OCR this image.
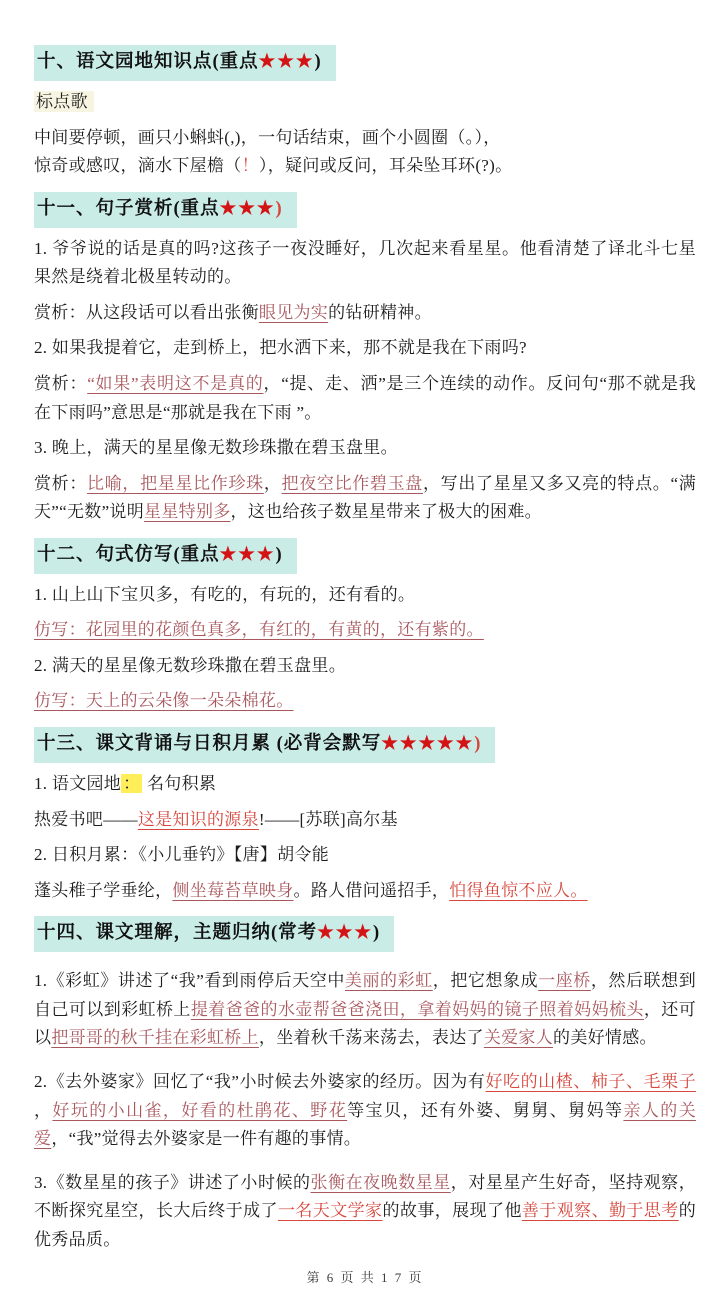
十、语文园地知识点(重点★★★)
标点歌
中间要停顿，画只小蝌蚪(,)，一句话结束，画个小圆圈（。），
惊奇或感叹，滴水下屋檐（！），疑问或反问，耳朵坠耳环(?)。
十一、句子赏析(重点★★★)
1. 爷爷说的话是真的吗?这孩子一夜没睡好，几次起来看星星。他看清楚了译北斗七星果然是绕着北极星转动的。
赏析：从这段话可以看出张衡眼见为实的钻研精神。
2. 如果我提着它，走到桥上，把水洒下来，那不就是我在下雨吗?
赏析：“如果”表明这不是真的，“提、走、洒”是三个连续的动作。反问句“那不就是我在下雨吗”意思是“那就是我在下雨 ”。
3. 晚上，满天的星星像无数珍珠撒在碧玉盘里。
赏析：比喻，把星星比作珍珠，把夜空比作碧玉盘，写出了星星又多又亮的特点。“满天”“无数”说明星星特别多，这也给孩子数星星带来了极大的困难。
十二、句式仿写(重点★★★)
1. 山上山下宝贝多，有吃的，有玩的，还有看的。
仿写：花园里的花颜色真多，有红的，有黄的，还有紫的。
2. 满天的星星像无数珍珠撒在碧玉盘里。
仿写：天上的云朵像一朵朵棉花。
十三、课文背诵与日积月累 (必背会默写★★★★★)
1. 语文园地 ： 名句积累
热爱书吧——这是知识的源泉!——[苏联]高尔基
2. 日积月累：《小儿垂钓》【唐】胡令能
蓬头稚子学垂纶，侧坐莓苔草映身。路人借问遥招手，怕得鱼惊不应人。
十四、课文理解，主题归纳(常考★★★)
1.《彩虹》讲述了“我”看到雨停后天空中美丽的彩虹，把它想象成一座桥，然后联想到 自己可以到彩虹桥上提着爸爸的水壶帮爸爸浇田，拿着妈妈的镜子照着妈妈梳头，还可以把哥哥的秋千挂在彩虹桥上，坐着秋千荡来荡去，表达了关爱家人的美好情感。
2.《去外婆家》回忆了“我”小时候去外婆家的经历。因为有好吃的山楂、柿子、毛栗子 ，好玩的小山雀，好看的杜鹃花、野花等宝贝，还有外婆、舅舅、舅妈等亲人的关爱，“我”觉得去外婆家是一件有趣的事情。
3.《数星星的孩子》讲述了小时候的张衡在夜晚数星星，对星星产生好奇，坚持观察，不断探究星空，长大后终于成了一名天文学家的故事，展现了他善于观察、勤于思考的优秀品质。
第 6 页 共 1 7 页
